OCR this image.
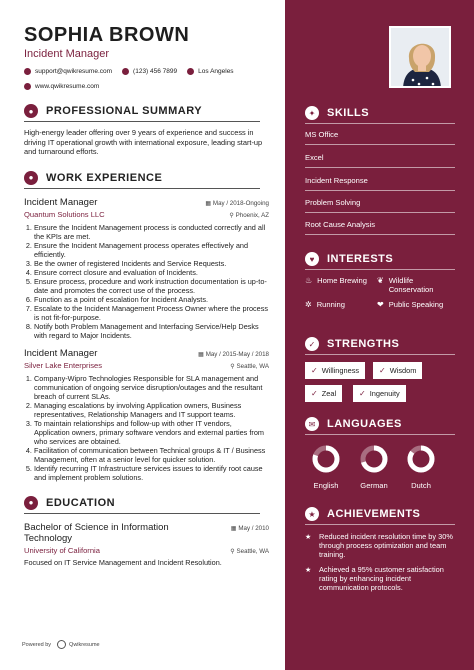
SOPHIA BROWN
Incident Manager
support@qwikresume.com	(123) 456 7899	Los Angeles
www.qwikresume.com
●	PROFESSIONAL SUMMARY
High-energy leader offering over 9 years of experience and success in driving IT operational growth with international exposure, leading start-up and turnaround efforts.
●	WORK EXPERIENCE
Incident Manager	▦ May / 2018-Ongoing
Quantum Solutions LLC	⚲ Phoenix, AZ
1. Ensure the Incident Management process is conducted correctly and all the KPIs are met.
2. Ensure the Incident Management process operates effectively and efficiently.
3. Be the owner of registered Incidents and Service Requests.
4. Ensure correct closure and evaluation of Incidents.
5. Ensure process, procedure and work instruction documentation is up-to-date and promotes the correct use of the process.
6. Function as a point of escalation for Incident Analysts.
7. Escalate to the Incident Management Process Owner where the process is not fit-for-purpose.
8. Notify both Problem Management and Interfacing Service/Help Desks with regard to Major Incidents.
Incident Manager	▦ May / 2015-May / 2018
Silver Lake Enterprises	⚲ Seattle, WA
1. Company-Wipro Technologies Responsible for SLA management and communication of ongoing service disruption/outages and the resultant breach of current SLAs.
2. Managing escalations by involving Application owners, Business representatives, Relationship Managers and IT support teams.
3. To maintain relationships and follow-up with other IT vendors, Application owners, primary software vendors and external parties from who services are obtained.
4. Facilitation of communication between Technical groups & IT / Business Management, often at a senior level for quicker solution.
5. Identify recurring IT Infrastructure services issues to identify root cause and implement problem solutions.
●	EDUCATION
Bachelor of Science in Information Technology
▦ May / 2010
University of California	⚲ Seattle, WA
Focused on IT Service Management and Incident Resolution.
Powered by	Qwikresume
✦	SKILLS
MS Office
Excel
Incident Response
Problem Solving
Root Cause Analysis
♥	INTERESTS
♨ Home Brewing ❦ Wildlife Conservation
✲ Running	❤ Public Speaking
✓	STRENGTHS
✓ Willingness ✓ Wisdom
✓ Zeal	✓ Ingenuity
✉	LANGUAGES
English	German	Dutch
★	ACHIEVEMENTS
★	Reduced incident resolution time by 30% through process optimization and team training.
★	Achieved a 95% customer satisfaction rating by enhancing incident communication protocols.
